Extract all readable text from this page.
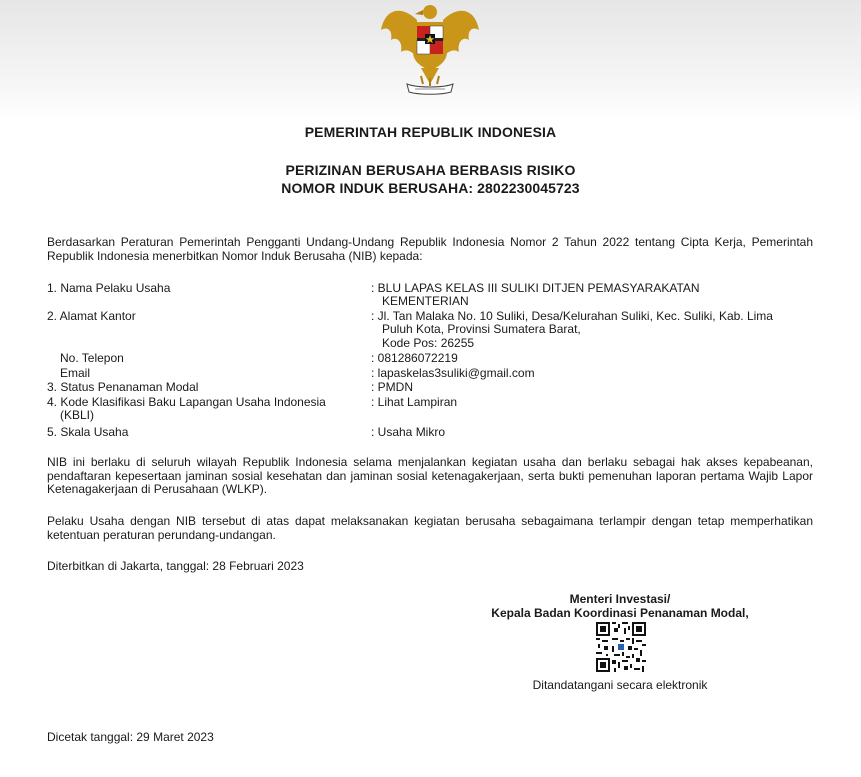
PEMERINTAH REPUBLIK INDONESIA
PERIZINAN BERUSAHA BERBASIS RISIKO
NOMOR INDUK BERUSAHA: 2802230045723
Berdasarkan Peraturan Pemerintah Pengganti Undang-Undang Republik Indonesia Nomor 2 Tahun 2022 tentang Cipta Kerja, Pemerintah Republik Indonesia menerbitkan Nomor Induk Berusaha (NIB) kepada:
1. Nama Pelaku Usaha	: BLU LAPAS KELAS III SULIKI DITJEN PEMASYARAKATAN
KEMENTERIAN
2. Alamat Kantor	: Jl. Tan Malaka No. 10 Suliki, Desa/Kelurahan Suliki, Kec. Suliki, Kab. Lima
Puluh Kota, Provinsi Sumatera Barat,
Kode Pos: 26255
No. Telepon	: 081286072219
Email	: lapaskelas3suliki@gmail.com
3. Status Penanaman Modal	: PMDN
4. Kode Klasifikasi Baku Lapangan Usaha Indonesia
(KBLI)
: Lihat Lampiran
5. Skala Usaha	: Usaha Mikro
NIB ini berlaku di seluruh wilayah Republik Indonesia selama menjalankan kegiatan usaha dan berlaku sebagai hak akses kepabeanan, pendaftaran kepesertaan jaminan sosial kesehatan dan jaminan sosial ketenagakerjaan, serta bukti pemenuhan laporan pertama Wajib Lapor Ketenagakerjaan di Perusahaan (WLKP).
Pelaku Usaha dengan NIB tersebut di atas dapat melaksanakan kegiatan berusaha sebagaimana terlampir dengan tetap memperhatikan ketentuan peraturan perundang-undangan.
Diterbitkan di Jakarta, tanggal: 28 Februari 2023
Menteri Investasi/
Kepala Badan Koordinasi Penanaman Modal,
Ditandatangani secara elektronik
Dicetak tanggal: 29 Maret 2023
